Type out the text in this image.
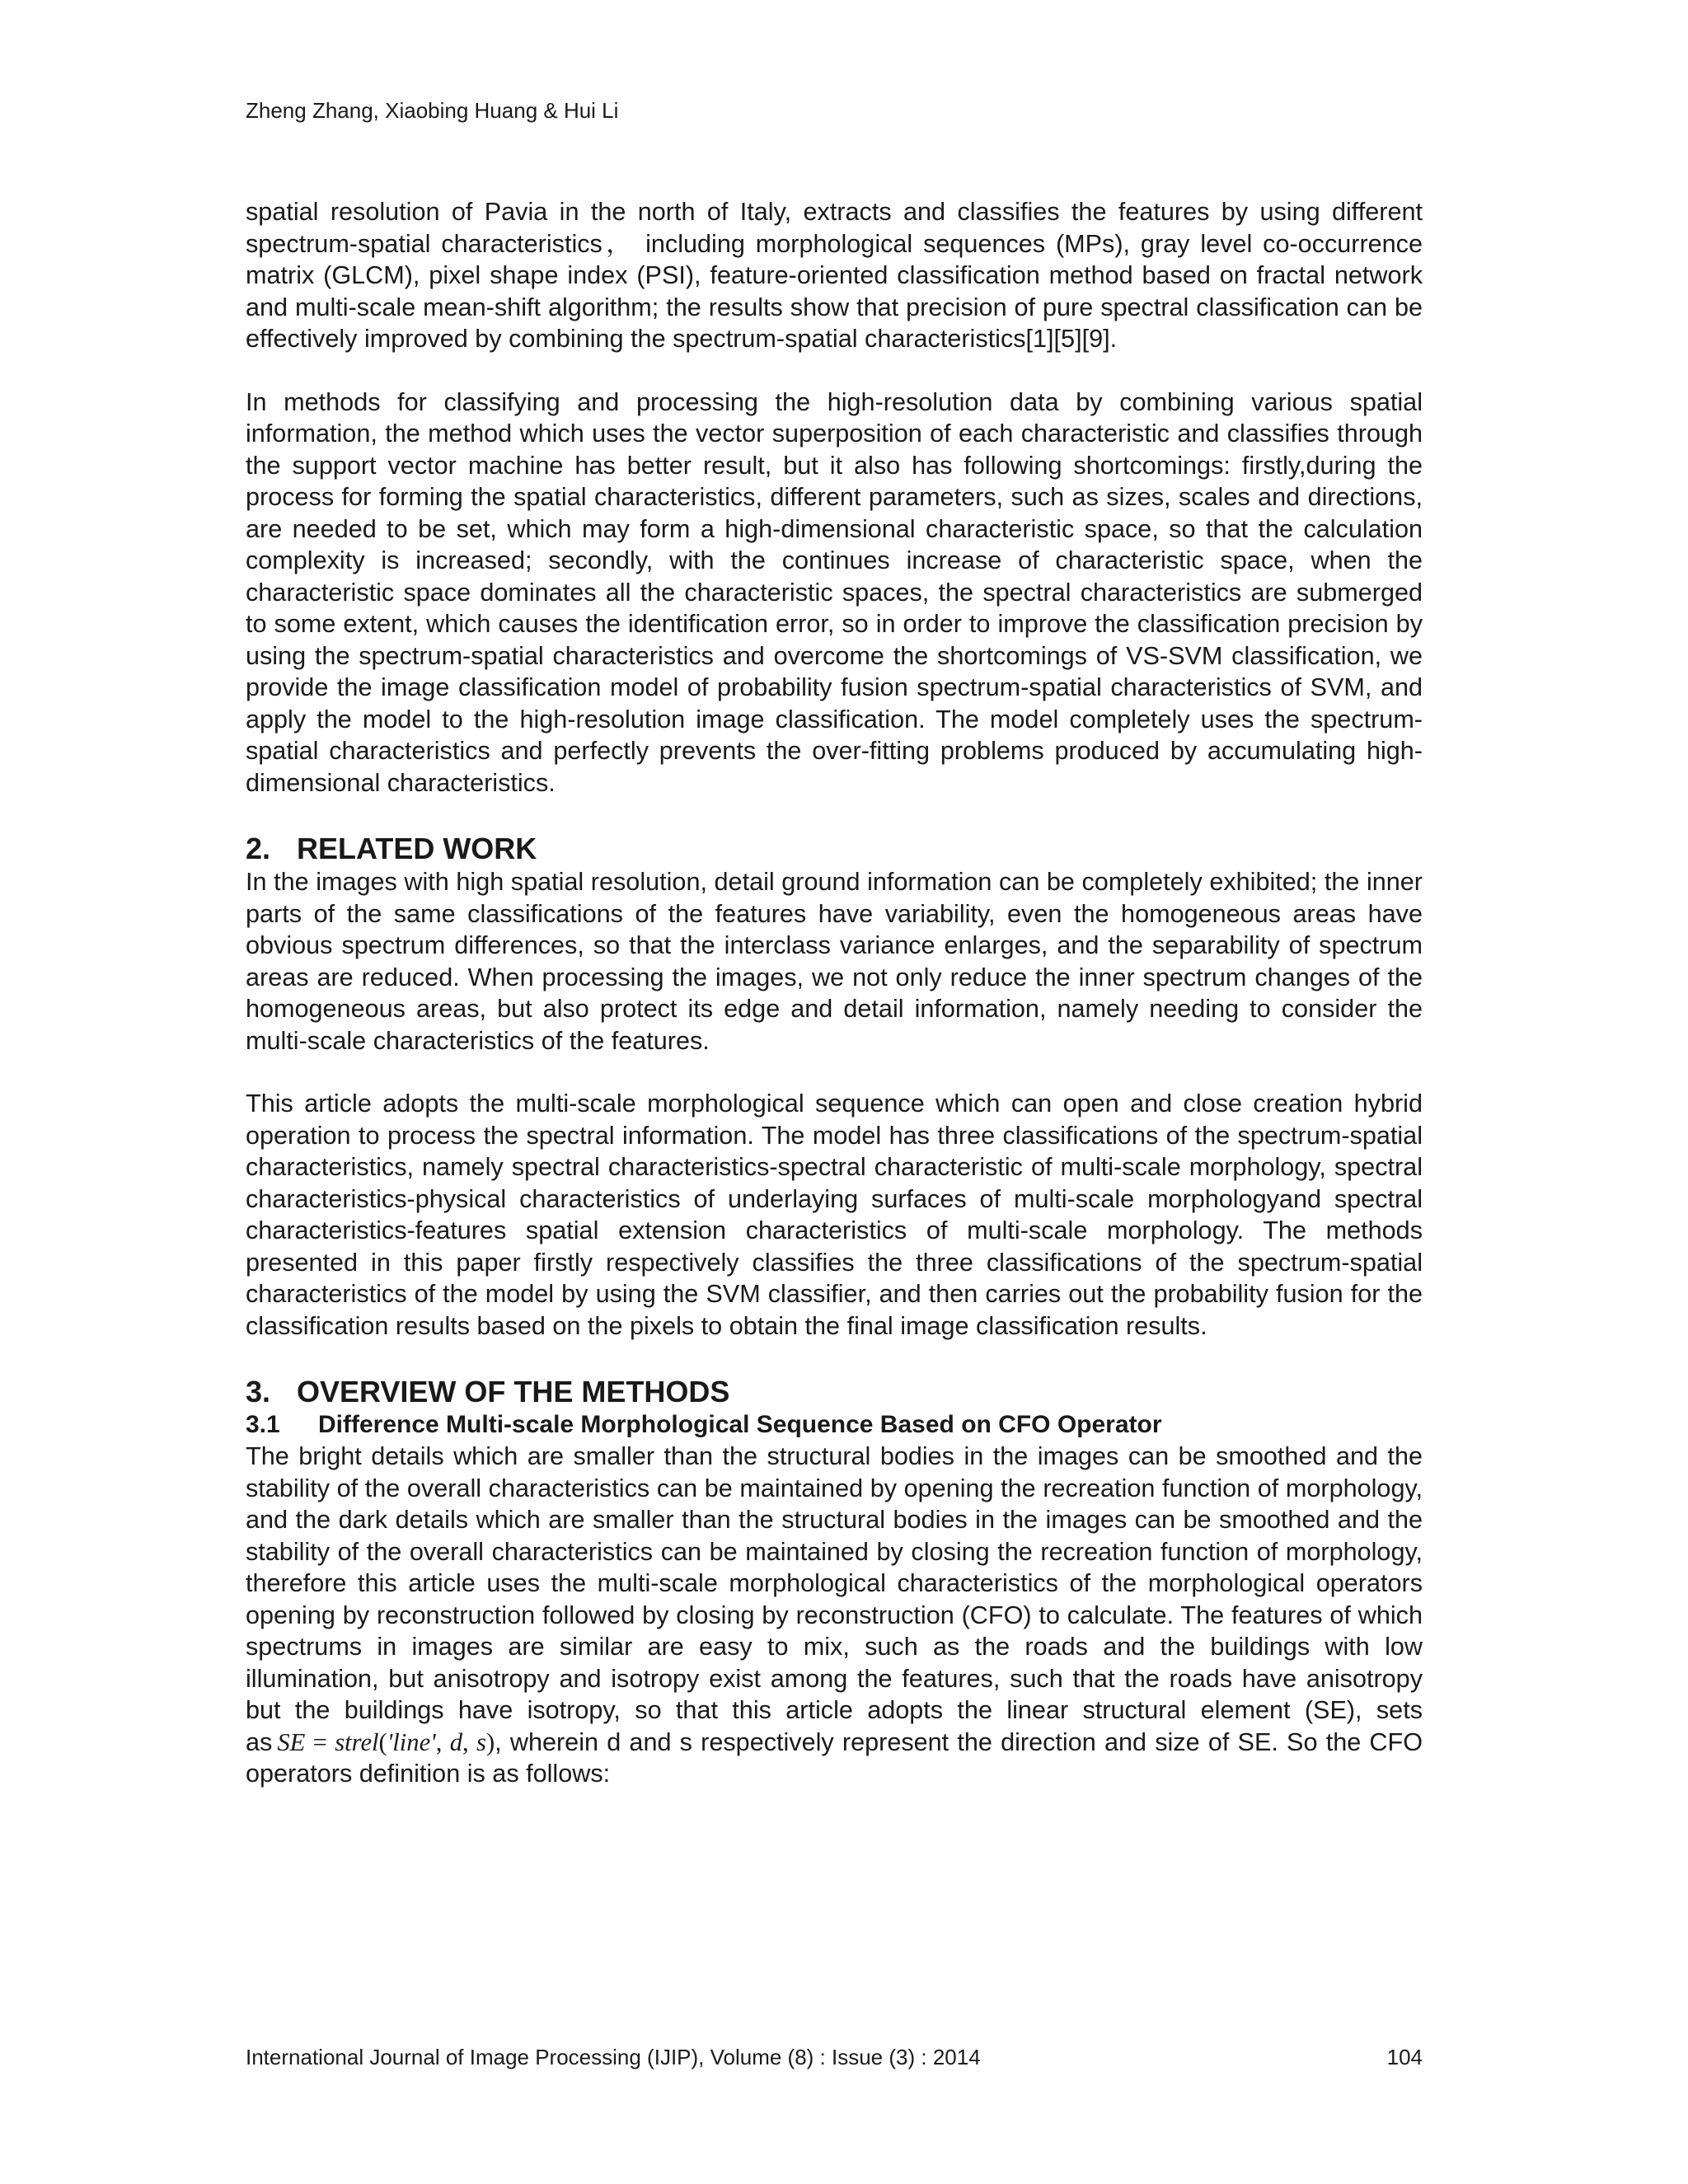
Zheng Zhang, Xiaobing Huang & Hui Li

spatial resolution of Pavia in the north of Italy, extracts and classifies the features by using different spectrum-spatial characteristics， including morphological sequences (MPs), gray level co-occurrence matrix (GLCM), pixel shape index (PSI), feature-oriented classification method based on fractal network and multi-scale mean-shift algorithm; the results show that precision of pure spectral classification can be effectively improved by combining the spectrum-spatial characteristics[1][5][9].

In methods for classifying and processing the high-resolution data by combining various spatial information, the method which uses the vector superposition of each characteristic and classifies through the support vector machine has better result, but it also has following shortcomings: firstly,during the process for forming the spatial characteristics, different parameters, such as sizes, scales and directions, are needed to be set, which may form a high-dimensional characteristic space, so that the calculation complexity is increased; secondly, with the continues increase of characteristic space, when the characteristic space dominates all the characteristic spaces, the spectral characteristics are submerged to some extent, which causes the identification error, so in order to improve the classification precision by using the spectrum-spatial characteristics and overcome the shortcomings of VS-SVM classification, we provide the image classification model of probability fusion spectrum-spatial characteristics of SVM, and apply the model to the high-resolution image classification. The model completely uses the spectrum-spatial characteristics and perfectly prevents the over-fitting problems produced by accumulating high-dimensional characteristics.

2. RELATED WORK

In the images with high spatial resolution, detail ground information can be completely exhibited; the inner parts of the same classifications of the features have variability, even the homogeneous areas have obvious spectrum differences, so that the interclass variance enlarges, and the separability of spectrum areas are reduced. When processing the images, we not only reduce the inner spectrum changes of the homogeneous areas, but also protect its edge and detail information, namely needing to consider the multi-scale characteristics of the features.

This article adopts the multi-scale morphological sequence which can open and close creation hybrid operation to process the spectral information. The model has three classifications of the spectrum-spatial characteristics, namely spectral characteristics-spectral characteristic of multi-scale morphology, spectral characteristics-physical characteristics of underlaying surfaces of multi-scale morphologyand spectral characteristics-features spatial extension characteristics of multi-scale morphology. The methods presented in this paper firstly respectively classifies the three classifications of the spectrum-spatial characteristics of the model by using the SVM classifier, and then carries out the probability fusion for the classification results based on the pixels to obtain the final image classification results.

3. OVERVIEW OF THE METHODS
3.1 Difference Multi-scale Morphological Sequence Based on CFO Operator

The bright details which are smaller than the structural bodies in the images can be smoothed and the stability of the overall characteristics can be maintained by opening the recreation function of morphology, and the dark details which are smaller than the structural bodies in the images can be smoothed and the stability of the overall characteristics can be maintained by closing the recreation function of morphology, therefore this article uses the multi-scale morphological characteristics of the morphological operators opening by reconstruction followed by closing by reconstruction (CFO) to calculate. The features of which spectrums in images are similar are easy to mix, such as the roads and the buildings with low illumination, but anisotropy and isotropy exist among the features, such that the roads have anisotropy but the buildings have isotropy, so that this article adopts the linear structural element (SE), sets as SE = strel('line', d, s), wherein d and s respectively represent the direction and size of SE. So the CFO operators definition is as follows:

International Journal of Image Processing (IJIP), Volume (8) : Issue (3) : 2014	104
